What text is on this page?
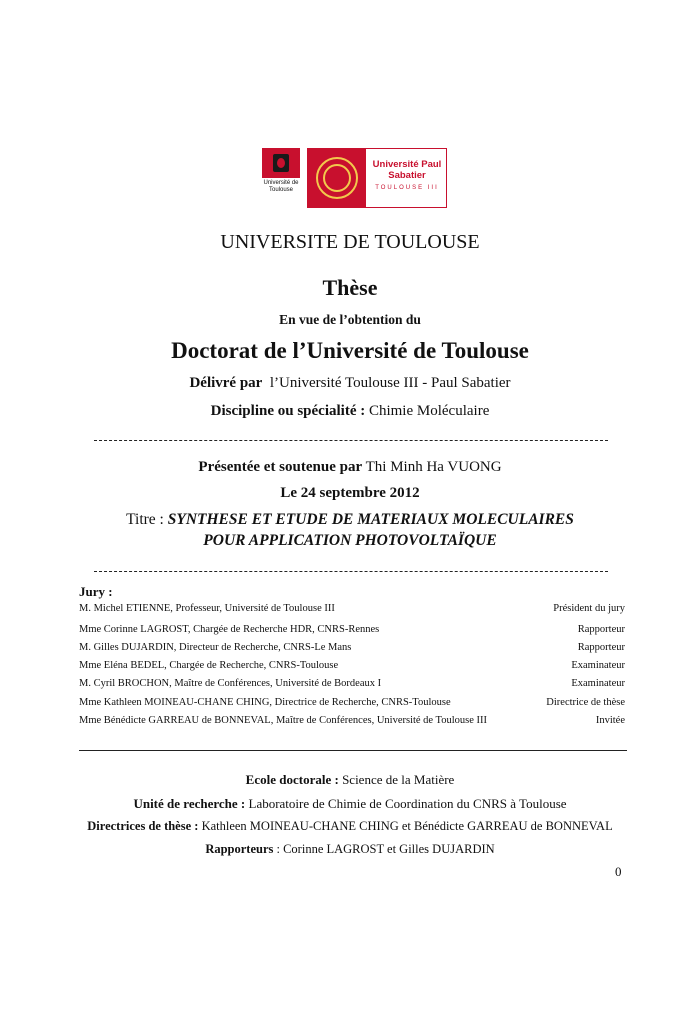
Université de Toulouse
Université Paul Sabatier
TOULOUSE III
UNIVERSITE DE TOULOUSE
Thèse
En vue de l’obtention du
Doctorat de l’Université de Toulouse
Délivré par l’Université Toulouse III - Paul Sabatier
Discipline ou spécialité : Chimie Moléculaire
Présentée et soutenue par Thi Minh Ha VUONG
Le 24 septembre 2012
Titre : SYNTHESE ET ETUDE DE MATERIAUX MOLECULAIRES
POUR APPLICATION PHOTOVOLTAÏQUE
Jury :
M. Michel ETIENNE, Professeur, Université de Toulouse III	Président du jury
Mme Corinne LAGROST, Chargée de Recherche HDR, CNRS-Rennes	Rapporteur
M. Gilles DUJARDIN, Directeur de Recherche, CNRS-Le Mans	Rapporteur
Mme Eléna BEDEL, Chargée de Recherche, CNRS-Toulouse	Examinateur
M. Cyril BROCHON, Maître de Conférences, Université de Bordeaux I	Examinateur
Mme Kathleen MOINEAU-CHANE CHING, Directrice de Recherche, CNRS-Toulouse	Directrice de thèse
Mme Bénédicte GARREAU de BONNEVAL, Maître de Conférences, Université de Toulouse III	Invitée
Ecole doctorale : Science de la Matière
Unité de recherche : Laboratoire de Chimie de Coordination du CNRS à Toulouse
Directrices de thèse : Kathleen MOINEAU-CHANE CHING et Bénédicte GARREAU de BONNEVAL
Rapporteurs : Corinne LAGROST et Gilles DUJARDIN
0
